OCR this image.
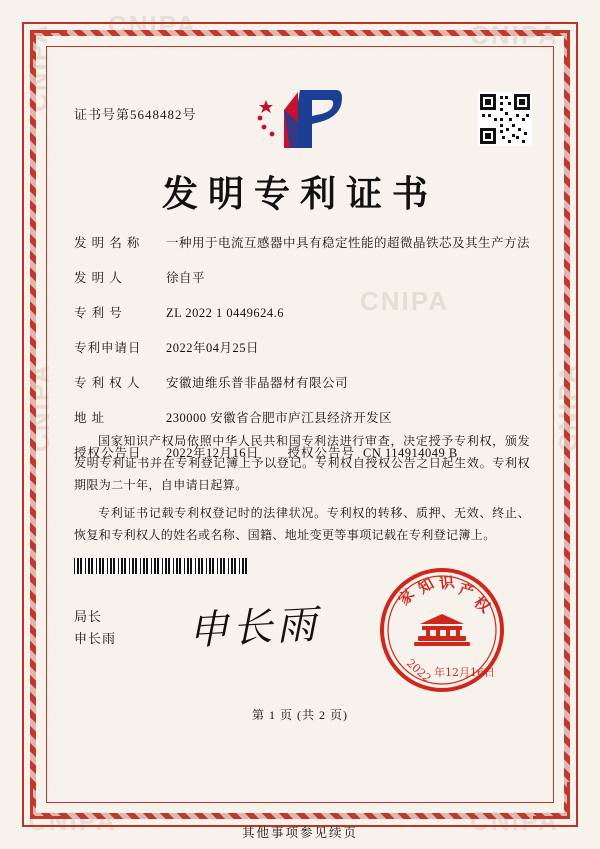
CNIPA CNIPA
CNIPA
CNIPA	CNIPA
CNIPA	CNIPA
CNIPA
证书号第5648482号
发明专利证书
发 明 名 称	一种用于电流互感器中具有稳定性能的超微晶铁芯及其生产方法
发 明 人	徐自平
专 利 号	ZL 2022 1 0449624.6
专利申请日	2022年04月25日
专 利 权 人	安徽迪维乐普非晶器材有限公司
地 址	230000 安徽省合肥市庐江县经济开发区
授权公告日	2022年12月16日	授权公告号 CN 114914049 B

国家知识产权局依照中华人民共和国专利法进行审查，决定授予专利权，颁发发明专利证书并在专利登记簿上予以登记。专利权自授权公告之日起生效。专利权期限为二十年，自申请日起算。

专利证书记载专利权登记时的法律状况。专利权的转移、质押、无效、终止、恢复和专利权人的姓名或名称、国籍、地址变更等事项记载在专利登记簿上。

局长
申长雨 申长雨
家
知 识 产
权
2022 年12月16日
第 1 页 (共 2 页)
其他事项参见续页
